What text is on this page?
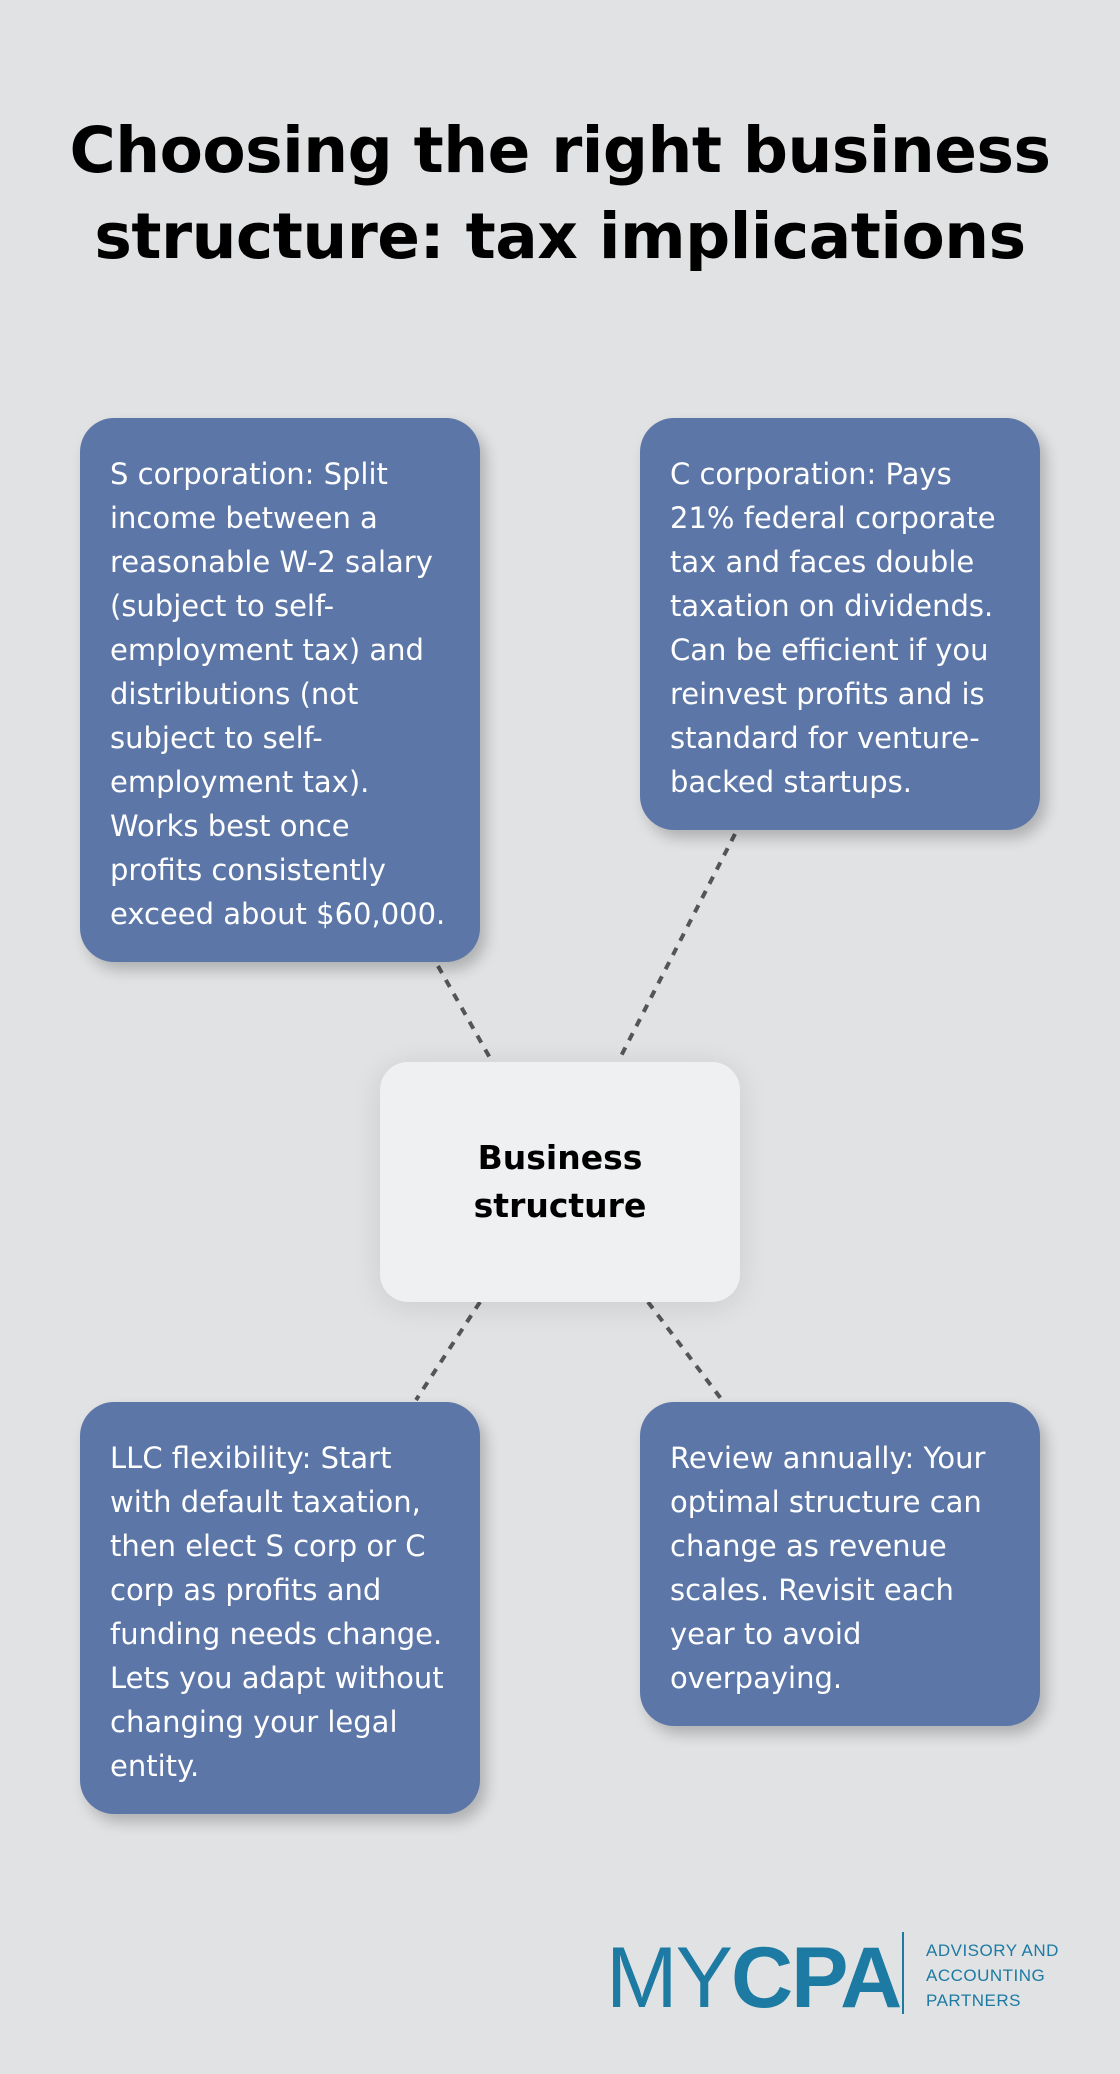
Choosing the right business
structure: tax implications

S corporation: Split income between a reasonable W-2 salary (subject to self-employment tax) and distributions (not subject to self-employment tax). Works best once profits consistently exceed about $60,000.

C corporation: Pays 21% federal corporate tax and faces double taxation on dividends. Can be efficient if you reinvest profits and is standard for venture-backed startups.

Business
structure

LLC flexibility: Start with default taxation, then elect S corp or C corp as profits and funding needs change. Lets you adapt without changing your legal entity.

Review annually: Your optimal structure can change as revenue scales. Revisit each year to avoid overpaying.

MYCPA ADVISORY AND
ACCOUNTING
PARTNERS
